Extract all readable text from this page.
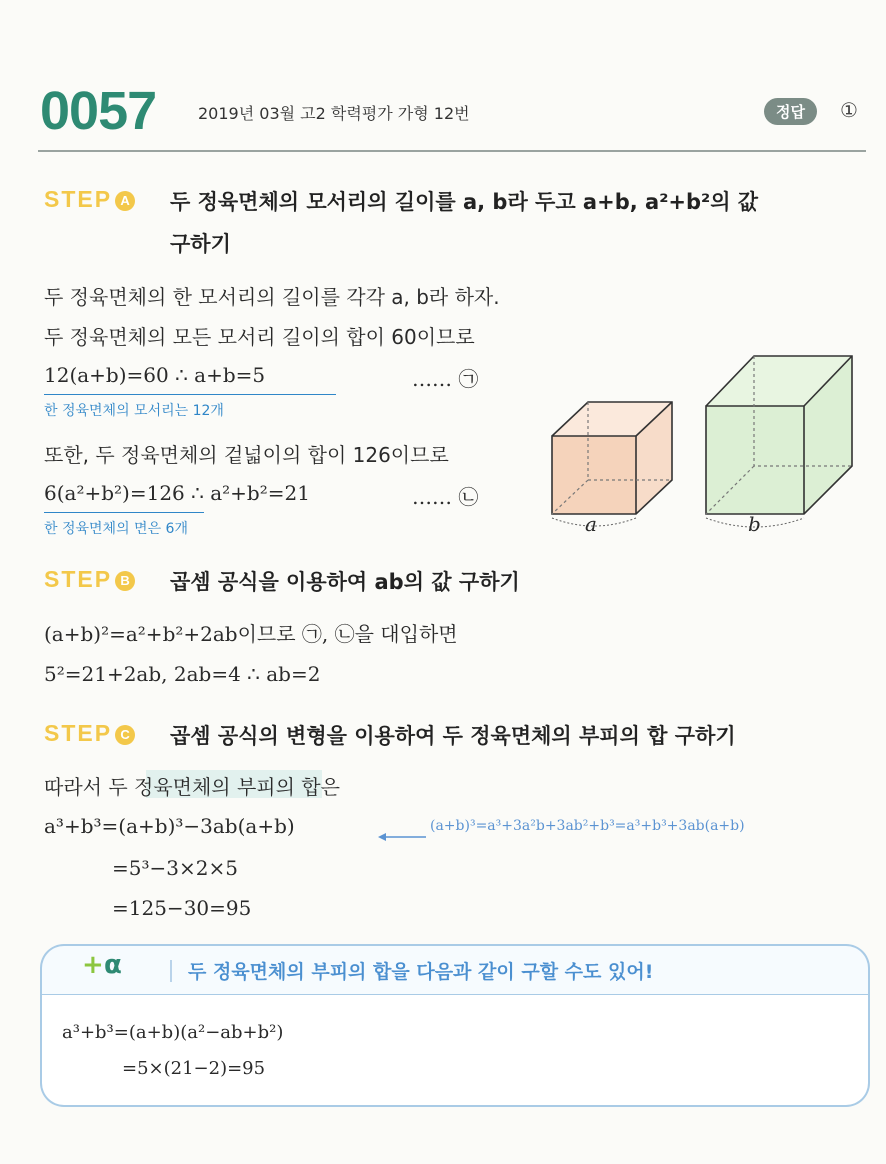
0057	2019년 03월 고2 학력평가 가형 12번	정답	①
STEP A 두 정육면체의 모서리의 길이를 a, b라 두고 a+b, a²+b²의 값
구하기
두 정육면체의 한 모서리의 길이를 각각 a, b라 하자.
두 정육면체의 모든 모서리 길이의 합이 60이므로
12(a+b)=60 ∴ a+b=5	…… ㉠
한 정육면체의 모서리는 12개
또한, 두 정육면체의 겉넓이의 합이 126이므로
6(a²+b²)=126 ∴ a²+b²=21	…… ㉡
한 정육면체의 면은 6개	a	b
STEP B 곱셈 공식을 이용하여 ab의 값 구하기
(a+b)²=a²+b²+2ab이므로 ㉠, ㉡을 대입하면
5²=21+2ab, 2ab=4 ∴ ab=2
STEP C 곱셈 공식의 변형을 이용하여 두 정육면체의 부피의 합 구하기
따라서 두 정육면체의 부피의 합은
a³+b³=(a+b)³−3ab(a+b)	(a+b)³=a³+3a²b+3ab²+b³=a³+b³+3ab(a+b)
=5³−3×2×5
=125−30=95
+ α	두 정육면체의 부피의 합을 다음과 같이 구할 수도 있어!
a³+b³=(a+b)(a²−ab+b²)
=5×(21−2)=95
